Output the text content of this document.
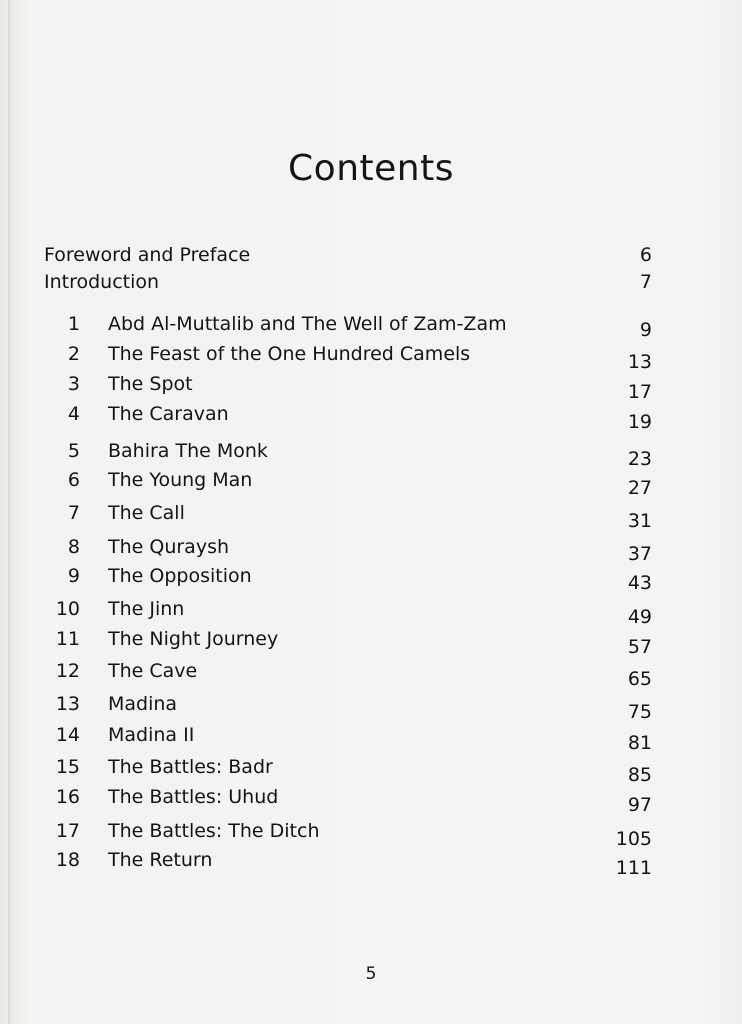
Contents
Foreword and Preface	6
Introduction	7
1 Abd Al-Muttalib and The Well of Zam-Zam	9
2 The Feast of the One Hundred Camels	13
3 The Spot	17
4 The Caravan	19
5 Bahira The Monk	23
6 The Young Man	27
7 The Call	31
8 The Quraysh	37
9 The Opposition	43
10 The Jinn	49
11 The Night Journey	57
12 The Cave	65
13 Madina	75
14 Madina II	81
15 The Battles: Badr	85
16 The Battles: Uhud	97
17 The Battles: The Ditch	105
18 The Return	111
5
